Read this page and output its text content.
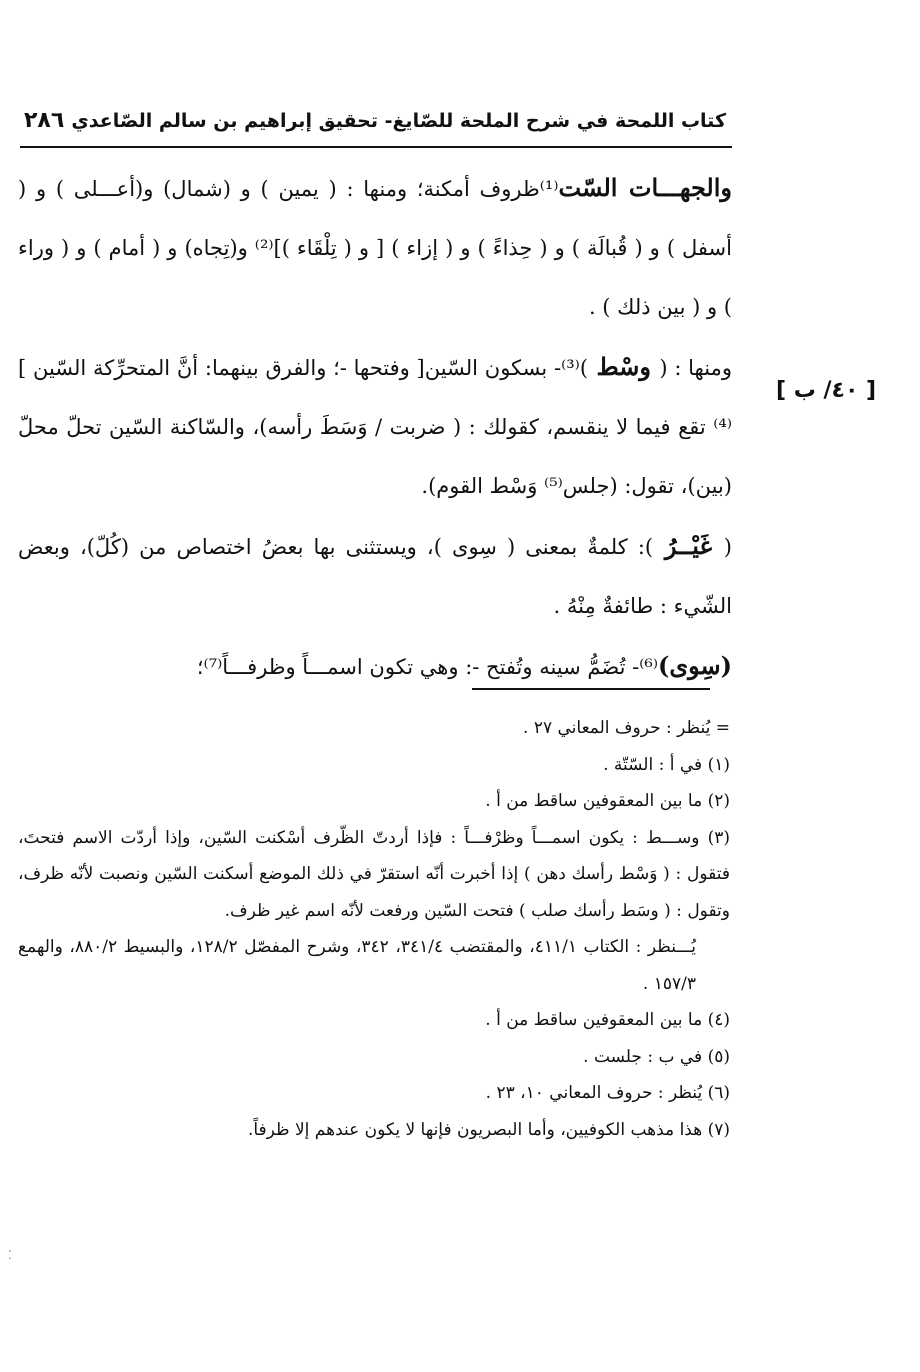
كتاب اللمحة في شرح الملحة للصّايغ- تحقيق إبراهيم بن سالم الصّاعدي
٢٨٦

والجهـــات السّت⁽¹⁾ظروف أمكنة؛ ومنها : ( يمين ) و (شمال) و(أعـــلى ) و ( أسفل ) و ( قُبالَة ) و ( حِذاءً ) و ( إزاء ) [ و ( تِلْقَاء )]⁽²⁾ و(تِجاه) و ( أمام ) و ( وراء ) و ( بين ذلك ) .

ومنها : ( وسْط )⁽³⁾- بسكون السّين[ وفتحها -؛ والفرق بينهما: أنَّ المتحرِّكة السّين ]⁽⁴⁾ تقع فيما لا ينقسم، كقولك : ( ضربت / وَسَطَ رأسه)، والسّاكنة السّين تحلّ محلّ (بين)، تقول: (جلس⁽⁵⁾ وَسْط القوم).

( غَيْــرُ ): كلمةٌ بمعنى ( سِوى )، ويستثنى بها بعضُ اختصاص من (كُلّ)، وبعض الشّيء : طائفةٌ مِنْهُ .

(سِوى)⁽⁶⁾- تُضَمُّ سينه وتُفتح -: وهي تكون اسمـــاً وظرفـــاً⁽⁷⁾؛

[ ٤٠/ ب ]

= يُنظر : حروف المعاني ٢٧ .

(١) في أ : السّتّة .

(٢) ما بين المعقوفين ساقط من أ .

(٣) وســـط : يكون اسمـــاً وظرْفـــاً : فإذا أردتّ الظّرف أسْكنت السّين، وإذا أردّت الاسم فتحتَ، فتقول : ( وَسْط رأسك دهن ) إذا أخبرت أنّه استقرّ في ذلك الموضع أسكنت السّين ونصبت لأنّه ظرف، وتقول : ( وسَط رأسك صلب ) فتحت السّين ورفعت لأنّه اسم غير ظرف.

يُـــنظر : الكتاب ٤١١/١، والمقتضب ٣٤١/٤، ٣٤٢، وشرح المفصّل ١٢٨/٢، والبسيط ٨٨٠/٢، والهمع ١٥٧/٣ .

(٤) ما بين المعقوفين ساقط من أ .

(٥) في ب : جلست .

(٦) يُنظر : حروف المعاني ١٠، ٢٣ .

(٧) هذا مذهب الكوفيين، وأما البصريون فإنها لا يكون عندهم إلا ظرفاً.

⁚
